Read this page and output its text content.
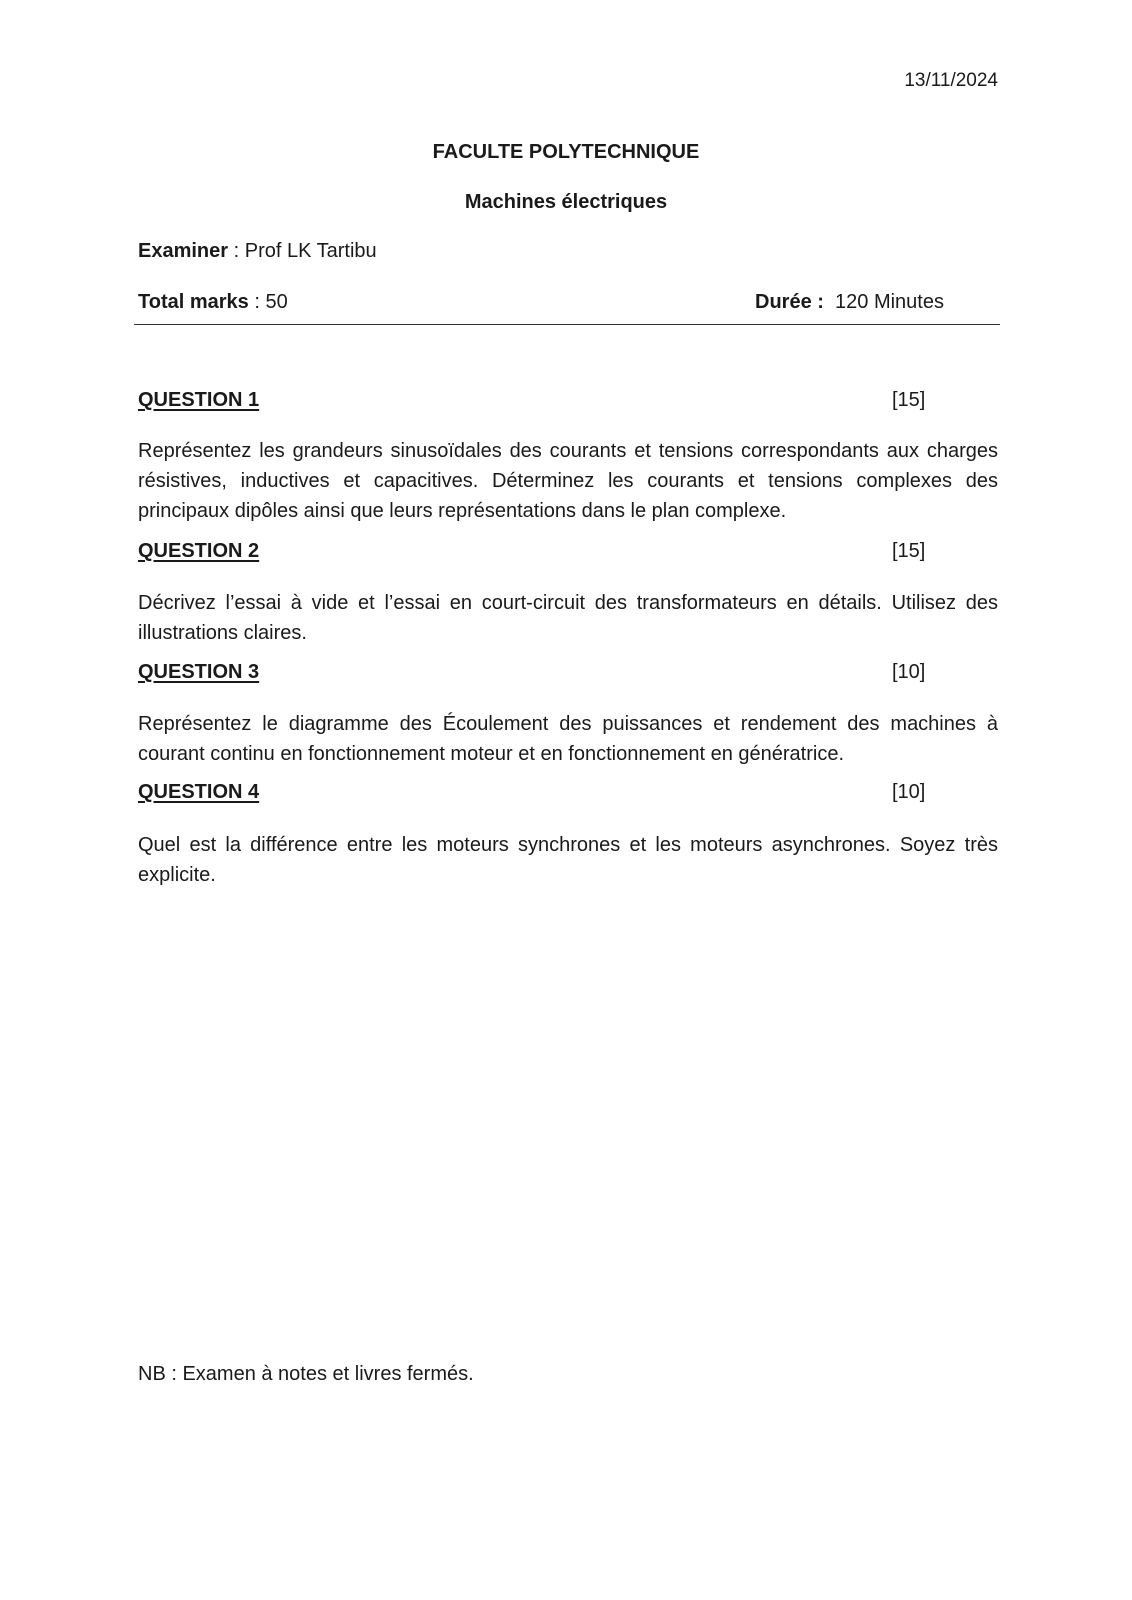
13/11/2024
FACULTE POLYTECHNIQUE
Machines électriques
Examiner : Prof LK Tartibu
Total marks : 50	Durée :  120 Minutes
QUESTION 1	[15]
Représentez les grandeurs sinusoïdales des courants et tensions correspondants aux charges résistives, inductives et capacitives. Déterminez les courants et tensions complexes des principaux dipôles ainsi que leurs représentations dans le plan complexe.
QUESTION 2	[15]
Décrivez l’essai à vide et l’essai en court-circuit des transformateurs en détails. Utilisez des illustrations claires.
QUESTION 3	[10]
Représentez le diagramme des Écoulement des puissances et rendement des machines à courant continu en fonctionnement moteur et en fonctionnement en génératrice.
QUESTION 4	[10]
Quel est la différence entre les moteurs synchrones et les moteurs asynchrones. Soyez très explicite.
NB : Examen à notes et livres fermés.
